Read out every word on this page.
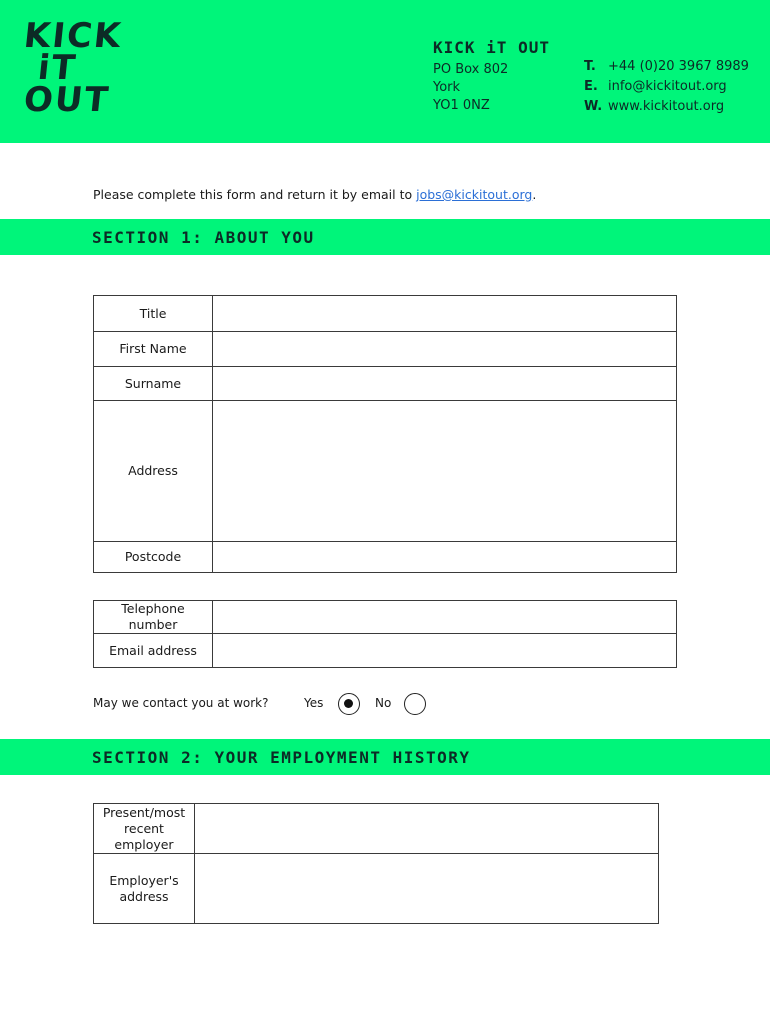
KICK
iT
OUT
KICK iT OUT
PO Box 802
York
YO1 0NZ
T. +44 (0)20 3967 8989
E. info@kickitout.org
W. www.kickitout.org
Please complete this form and return it by email to jobs@kickitout.org.
SECTION 1: ABOUT YOU
Title	
First Name	
Surname	
Address	
Postcode	
Telephone number	
Email address	
May we contact you at work?	Yes	No
SECTION 2: YOUR EMPLOYMENT HISTORY
Present/most recent employer	
Employer's address	
